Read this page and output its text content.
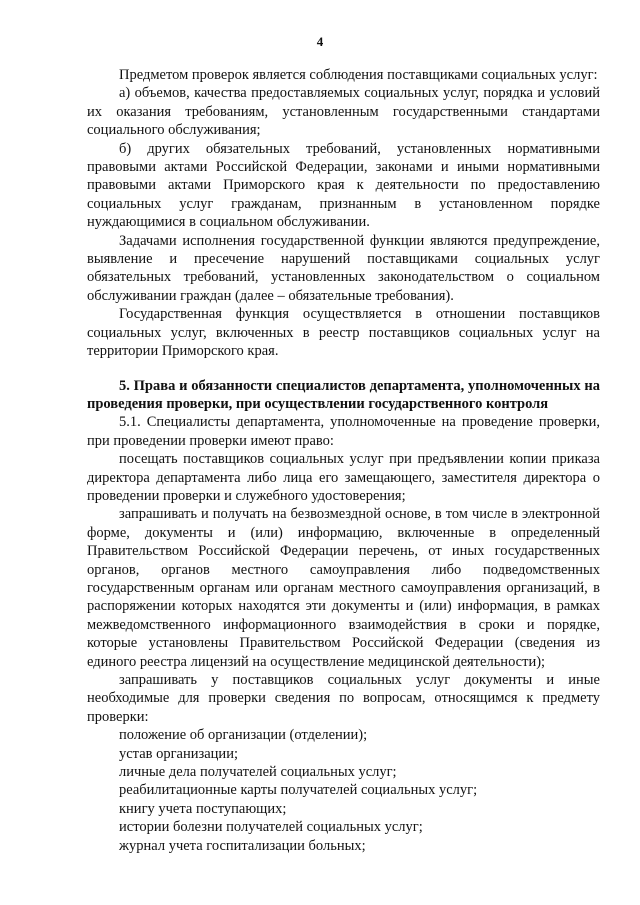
4

Предметом проверок является соблюдения поставщиками социальных услуг:

а) объемов, качества предоставляемых социальных услуг, порядка и условий их оказания требованиям, установленным государственными стандартами социального обслуживания;

б) других обязательных требований, установленных нормативными правовыми актами Российской Федерации, законами и иными нормативными правовыми актами Приморского края к деятельности по предоставлению социальных услуг гражданам, признанным в установленном порядке нуждающимися в социальном обслуживании.

Задачами исполнения государственной функции являются предупреждение, выявление и пресечение нарушений поставщиками социальных услуг обязательных требований, установленных законодательством о социальном обслуживании граждан (далее – обязательные требования).

Государственная функция осуществляется в отношении поставщиков социальных услуг, включенных в реестр поставщиков социальных услуг на территории Приморского края.

5. Права и обязанности специалистов департамента, уполномоченных на проведения проверки, при осуществлении государственного контроля

5.1. Специалисты департамента, уполномоченные на проведение проверки, при проведении проверки имеют право:

посещать поставщиков социальных услуг при предъявлении копии приказа директора департамента либо лица его замещающего, заместителя директора о проведении проверки и служебного удостоверения;

запрашивать и получать на безвозмездной основе, в том числе в электронной форме, документы и (или) информацию, включенные в определенный Правительством Российской Федерации перечень, от иных государственных органов, органов местного самоуправления либо подведомственных государственным органам или органам местного самоуправления организаций, в распоряжении которых находятся эти документы и (или) информация, в рамках межведомственного информационного взаимодействия в сроки и порядке, которые установлены Правительством Российской Федерации (сведения из единого реестра лицензий на осуществление медицинской деятельности);

запрашивать у поставщиков социальных услуг документы и иные необходимые для проверки сведения по вопросам, относящимся к предмету проверки:

положение об организации (отделении);
устав организации;
личные дела получателей социальных услуг;
реабилитационные карты получателей социальных услуг;
книгу учета поступающих;
истории болезни получателей социальных услуг;
журнал учета госпитализации больных;
